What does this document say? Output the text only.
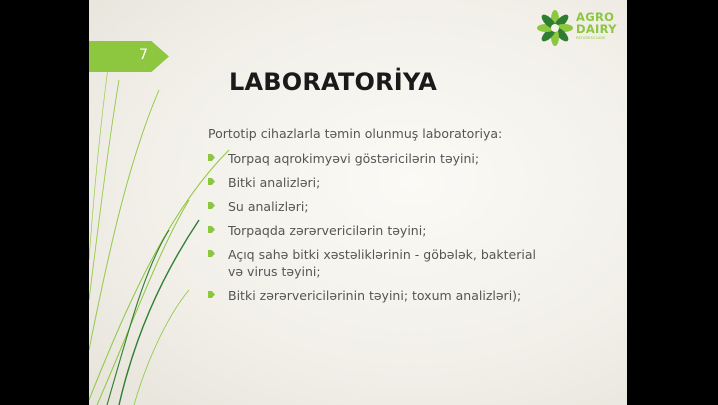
7
AGRO
DAIRY
PATURESCLUDE
LABORATORİYA
Portotip cihazlarla təmin olunmuş laboratoriya:
Torpaq aqrokimyəvi göstəricilərin təyini;
Bitki analizləri;
Su analizləri;
Torpaqda zərərvericilərin təyini;
Açıq sahə bitki xəstəliklərinin - göbələk, bakterial və virus təyini;
Bitki zərərvericilərinin təyini; toxum analizləri);
